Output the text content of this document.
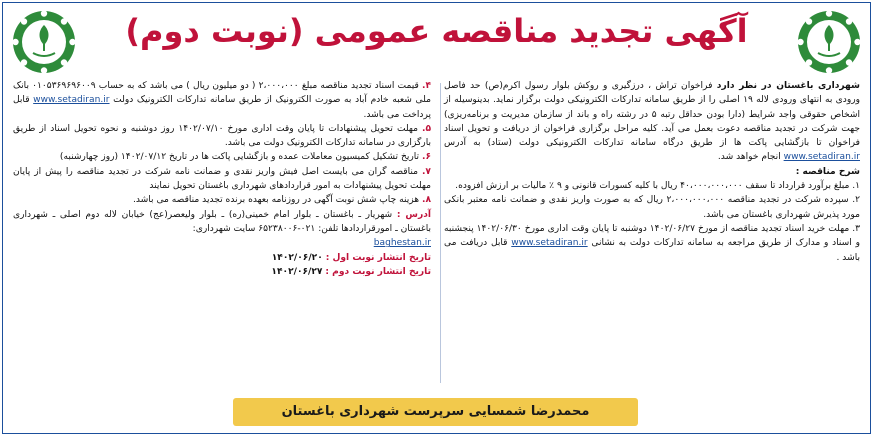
آگهی تجدید مناقصه عمومی (نوبت دوم)

شهرداری باغستان در نظر دارد فراخوان تراش ، درزگیری و روکش بلوار رسول اکرم(ص) حد فاصل ورودی به انتهای ورودی لاله ۱۹ اصلی را از طریق سامانه تدارکات الکترونیکی دولت برگزار نماید. بدینوسیله از اشخاص حقوقی واجد شرایط (دارا بودن حداقل رتبه ۵ در رشته راه و باند از سازمان مدیریت و برنامه‌ریزی) جهت شرکت در تجدید مناقصه دعوت بعمل می آید. کلیه مراحل برگزاری فراخوان از دریافت و تحویل اسناد فراخوان تا بازگشایی پاکت ها از طریق درگاه سامانه تدارکات الکترونیکی دولت (ستاد) به آدرس www.setadiran.ir انجام خواهد شد.

شرح مناقصه :

۱. مبلغ برآورد قرارداد تا سقف ۴۰،۰۰۰،۰۰۰،۰۰۰ ریال با کلیه کسورات قانونی و ۹ ٪ مالیات بر ارزش افزوده.

۲. سپرده شرکت در تجدید مناقصه ۲،۰۰۰،۰۰۰،۰۰۰ ریال که به صورت واریز نقدی و ضمانت نامه معتبر بانکی مورد پذیرش شهرداری باغستان می باشد.

۳. مهلت خرید اسناد تجدید مناقصه از مورخ ۱۴۰۲/۰۶/۲۷ دوشنبه تا پایان وقت اداری مورخ ۱۴۰۲/۰۶/۳۰ پنجشنبه و اسناد و مدارک از طریق مراجعه به سامانه تدارکات دولت به نشانی www.setadiran.ir قابل دریافت می باشد .

۴. قیمت اسناد تجدید مناقصه مبلغ ۲،۰۰۰،۰۰۰ ( دو میلیون ریال ) می باشد که به حساب ۰۱۰۵۳۶۹۶۹۶۰۰۹ بانک ملی شعبه خادم آباد به صورت الکترونیک از طریق سامانه تدارکات الکترونیک دولت www.setadiran.ir قابل پرداخت می باشد.

۵. مهلت تحویل پیشنهادات تا پایان وقت اداری مورخ ۱۴۰۲/۰۷/۱۰ روز دوشنبه و نحوه تحویل اسناد از طریق بارگزاری در سامانه تدارکات الکترونیک دولت می باشد.

۶. تاریخ تشکیل کمیسیون معاملات عمده و بازگشایی پاکت ها در تاریخ ۱۴۰۲/۰۷/۱۲ (روز چهارشنبه)

۷. مناقصه گران می بایست اصل فیش واریز نقدی و ضمانت نامه شرکت در تجدید مناقصه را پیش از پایان مهلت تحویل پیشنهادات به امور قراردادهای شهرداری باغستان تحویل نمایند

۸. هزینه چاپ شش نوبت آگهی در روزنامه بعهده برنده تجدید مناقصه می باشد.

آدرس : شهریار ـ باغستان ـ بلوار امام خمینی(ره) ـ بلوار ولیعصر(عج) خیابان لاله دوم اصلی ـ شهرداری باغستان ـ امورقراردادها تلفن: ۰۲۱-۶۵۲۳۸۰۰۶ سایت شهرداری:

baghestan.ir

تاریخ انتشار نوبت اول : ۱۴۰۲/۰۶/۲۰

تاریخ انتشار نوبت دوم : ۱۴۰۲/۰۶/۲۷

محمدرضا شمسایی سرپرست شهرداری باغستان
